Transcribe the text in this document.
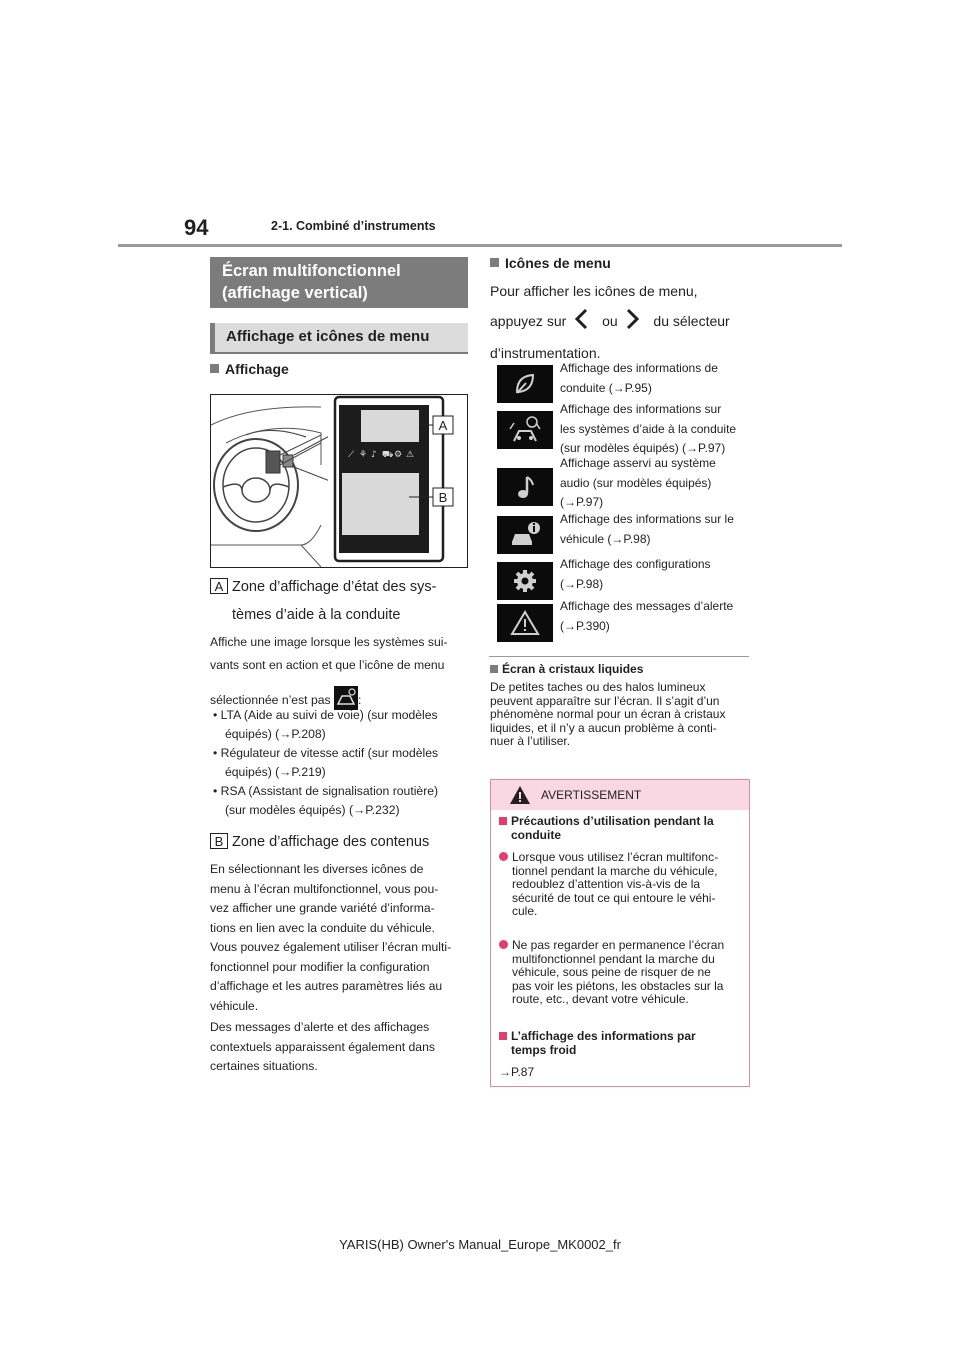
94	2-1. Combiné d’instruments
Écran multifonctionnel (affichage vertical)
Affichage et icônes de menu
Affichage
⟋ ⚘ ♪ ⛟ ⚙ ⚠
A
B
A Zone d’affichage d’état des sys-
tèmes d’aide à la conduite
Affiche une image lorsque les systèmes sui-
vants sont en action et que l’icône de menu
sélectionnée n’est pas :
• LTA (Aide au suivi de voie) (sur modèles
équipés) (→P.208)
• Régulateur de vitesse actif (sur modèles
équipés) (→P.219)
• RSA (Assistant de signalisation routière)
(sur modèles équipés) (→P.232)
B Zone d’affichage des contenus
En sélectionnant les diverses icônes de
menu à l’écran multifonctionnel, vous pou-
vez afficher une grande variété d’informa-
tions en lien avec la conduite du véhicule.
Vous pouvez également utiliser l’écran multi-
fonctionnel pour modifier la configuration
d’affichage et les autres paramètres liés au
véhicule.
Des messages d’alerte et des affichages
contextuels apparaissent également dans
certaines situations.
Icônes de menu
Pour afficher les icônes de menu,
appuyez sur	ou	du sélecteur
d’instrumentation.
Affichage des informations de
conduite (→P.95)
Affichage des informations sur
les systèmes d’aide à la conduite
(sur modèles équipés) (→P.97)
Affichage asservi au système
audio (sur modèles équipés)
(→P.97)
Affichage des informations sur le
véhicule (→P.98)
Affichage des configurations
(→P.98)
Affichage des messages d’alerte
(→P.390)
Écran à cristaux liquides
De petites taches ou des halos lumineux
peuvent apparaître sur l’écran. Il s’agit d’un
phénomène normal pour un écran à cristaux
liquides, et il n’y a aucun problème à conti-
nuer à l’utiliser.
AVERTISSEMENT
Précautions d’utilisation pendant la
conduite
Lorsque vous utilisez l’écran multifonc-
tionnel pendant la marche du véhicule,
redoublez d’attention vis-à-vis de la
sécurité de tout ce qui entoure le véhi-
cule.
Ne pas regarder en permanence l’écran
multifonctionnel pendant la marche du
véhicule, sous peine de risquer de ne
pas voir les piétons, les obstacles sur la
route, etc., devant votre véhicule.
L’affichage des informations par
temps froid
→P.87
YARIS(HB) Owner's Manual_Europe_MK0002_fr
